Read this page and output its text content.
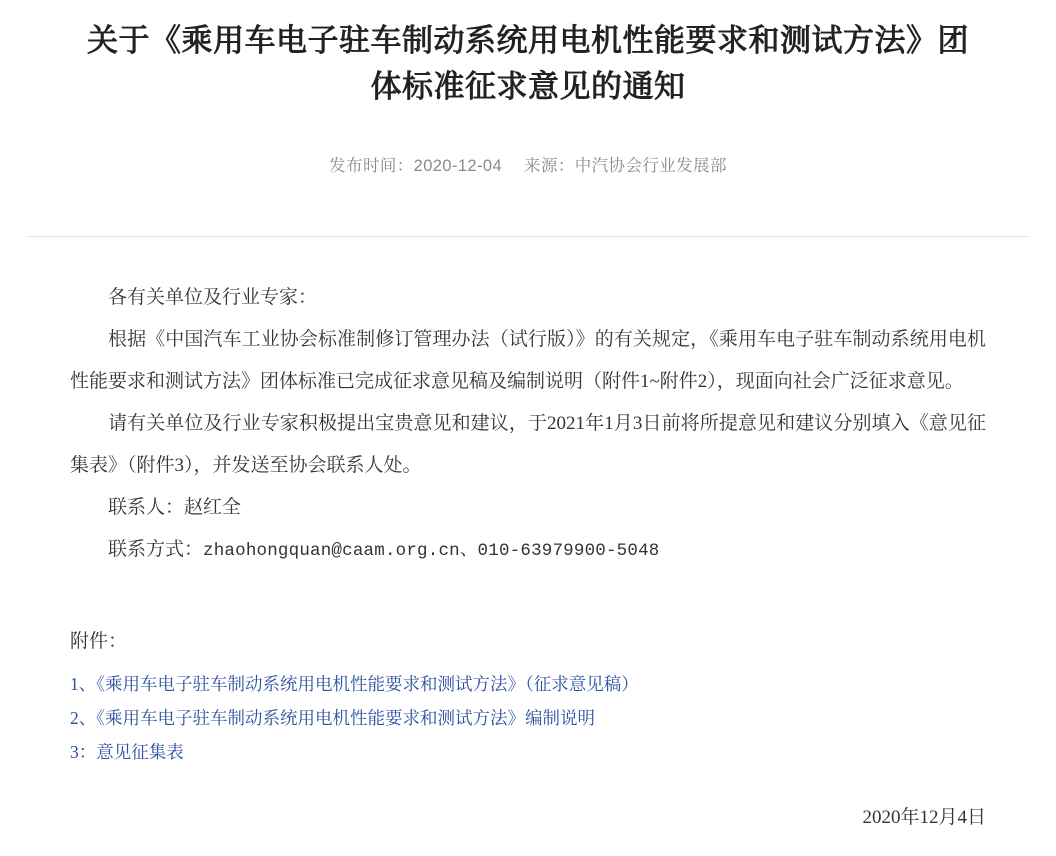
关于《乘用车电子驻车制动系统用电机性能要求和测试方法》团体标准征求意见的通知
发布时间：2020-12-04 来源：中汽协会行业发展部

各有关单位及行业专家：

根据《中国汽车工业协会标准制修订管理办法（试行版）》的有关规定，《乘用车电子驻车制动系统用电机性能要求和测试方法》团体标准已完成征求意见稿及编制说明（附件1~附件2），现面向社会广泛征求意见。

请有关单位及行业专家积极提出宝贵意见和建议，于2021年1月3日前将所提意见和建议分别填入《意见征集表》（附件3），并发送至协会联系人处。

联系人：赵红全

联系方式：zhaohongquan@caam.org.cn、010-63979900-5048

附件：
1、《乘用车电子驻车制动系统用电机性能要求和测试方法》（征求意见稿）
2、《乘用车电子驻车制动系统用电机性能要求和测试方法》编制说明
3：意见征集表
2020年12月4日
